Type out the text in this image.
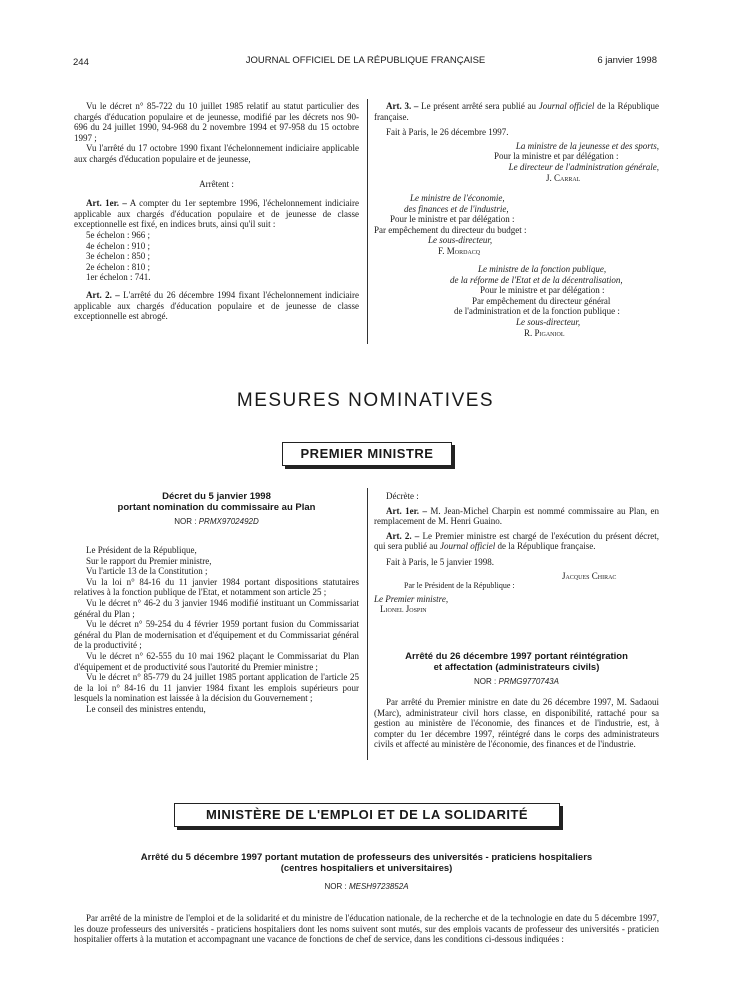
244	JOURNAL OFFICIEL DE LA RÉPUBLIQUE FRANÇAISE	6 janvier 1998

Vu le décret n° 85-722 du 10 juillet 1985 relatif au statut particulier des chargés d'éducation populaire et de jeunesse, modifié par les décrets nos 90-696 du 24 juillet 1990, 94-968 du 2 novembre 1994 et 97-958 du 15 octobre 1997 ;

Vu l'arrêté du 17 octobre 1990 fixant l'échelonnement indiciaire applicable aux chargés d'éducation populaire et de jeunesse,

Arrêtent :

Art. 1er. – A compter du 1er septembre 1996, l'échelonnement indiciaire applicable aux chargés d'éducation populaire et de jeunesse de classe exceptionnelle est fixé, en indices bruts, ainsi qu'il suit :

5e échelon : 966 ;

4e échelon : 910 ;

3e échelon : 850 ;

2e échelon : 810 ;

1er échelon : 741.

Art. 2. – L'arrêté du 26 décembre 1994 fixant l'échelonnement indiciaire applicable aux chargés d'éducation populaire et de jeunesse de classe exceptionnelle est abrogé.

Art. 3. – Le présent arrêté sera publié au Journal officiel de la République française.

Fait à Paris, le 26 décembre 1997.

La ministre de la jeunesse et des sports,

Pour la ministre et par délégation :

Le directeur de l'administration générale,

J. Carral

Le ministre de l'économie,

des finances et de l'industrie,

Pour le ministre et par délégation :

Par empêchement du directeur du budget :

Le sous-directeur,

F. Mordacq

Le ministre de la fonction publique,

de la réforme de l'Etat et de la décentralisation,

Pour le ministre et par délégation :

Par empêchement du directeur général

de l'administration et de la fonction publique :

Le sous-directeur,

R. Piganiol

MESURES NOMINATIVES
PREMIER MINISTRE
Décret du 5 janvier 1998
portant nomination du commissaire au Plan
NOR : PRMX9702492D

Le Président de la République,

Sur le rapport du Premier ministre,

Vu l'article 13 de la Constitution ;

Vu la loi n° 84-16 du 11 janvier 1984 portant dispositions statutaires relatives à la fonction publique de l'Etat, et notamment son article 25 ;

Vu le décret n° 46-2 du 3 janvier 1946 modifié instituant un Commissariat général du Plan ;

Vu le décret n° 59-254 du 4 février 1959 portant fusion du Commissariat général du Plan de modernisation et d'équipement et du Commissariat général de la productivité ;

Vu le décret n° 62-555 du 10 mai 1962 plaçant le Commissariat du Plan d'équipement et de productivité sous l'autorité du Premier ministre ;

Vu le décret n° 85-779 du 24 juillet 1985 portant application de l'article 25 de la loi n° 84-16 du 11 janvier 1984 fixant les emplois supérieurs pour lesquels la nomination est laissée à la décision du Gouvernement ;

Le conseil des ministres entendu,

Décrète :

Art. 1er. – M. Jean-Michel Charpin est nommé commissaire au Plan, en remplacement de M. Henri Guaino.

Art. 2. – Le Premier ministre est chargé de l'exécution du présent décret, qui sera publié au Journal officiel de la République française.

Fait à Paris, le 5 janvier 1998.

Jacques Chirac

Par le Président de la République :

Le Premier ministre,

Lionel Jospin

Arrêté du 26 décembre 1997 portant réintégration
et affectation (administrateurs civils)
NOR : PRMG9770743A

Par arrêté du Premier ministre en date du 26 décembre 1997, M. Sadaoui (Marc), administrateur civil hors classe, en disponibilité, rattaché pour sa gestion au ministère de l'économie, des finances et de l'industrie, est, à compter du 1er décembre 1997, réintégré dans le corps des administrateurs civils et affecté au ministère de l'économie, des finances et de l'industrie.

MINISTÈRE DE L'EMPLOI ET DE LA SOLIDARITÉ
Arrêté du 5 décembre 1997 portant mutation de professeurs des universités - praticiens hospitaliers
(centres hospitaliers et universitaires)
NOR : MESH9723852A

Par arrêté de la ministre de l'emploi et de la solidarité et du ministre de l'éducation nationale, de la recherche et de la technologie en date du 5 décembre 1997, les douze professeurs des universités - praticiens hospitaliers dont les noms suivent sont mutés, sur des emplois vacants de professeur des universités - praticien hospitalier offerts à la mutation et accompagnant une vacance de fonctions de chef de service, dans les conditions ci-dessous indiquées :
